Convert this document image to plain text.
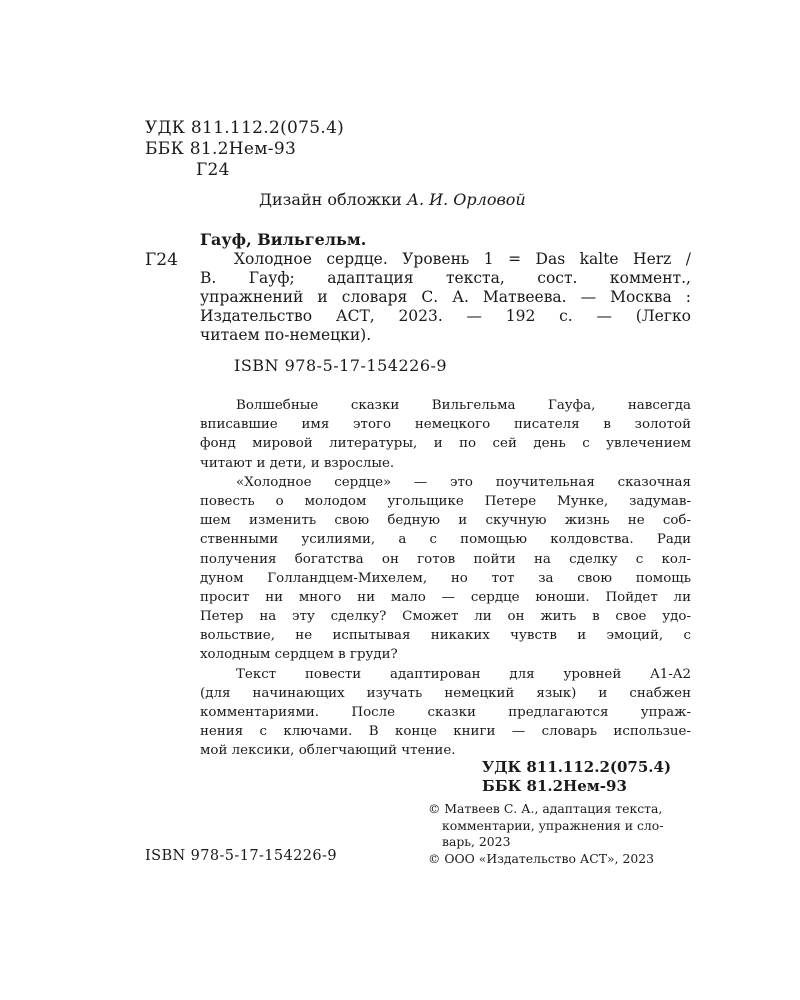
УДК 811.112.2(075.4)
ББК 81.2Нем-93
Г24
Дизайн обложки А. И. Орловой
Гауф, Вильгельм.
Г24	Холодное сердце. Уровень 1 = Das kalte Herz /
В. Гауф; адаптация текста, сост. коммент.,
упражнений и словаря С. А. Матвеева. — Москва :
Издательство АСТ, 2023. — 192 с. — (Легко
читаем по-немецки).
ISBN 978-5-17-154226-9
Волшебные сказки Вильгельма Гауфа, навсегда
вписавшие имя этого немецкого писателя в золотой
фонд мировой литературы, и по сей день с увлечением
читают и дети, и взрослые.
«Холодное сердце» — это поучительная сказочная
повесть о молодом угольщике Петере Мунке, задумав-
шем изменить свою бедную и скучную жизнь не соб-
ственными усилиями, а с помощью колдовства. Ради
получения богатства он готов пойти на сделку с кол-
дуном Голландцем-Михелем, но тот за свою помощь
просит ни много ни мало — сердце юноши. Пойдет ли
Петер на эту сделку? Сможет ли он жить в свое удо-
вольствие, не испытывая никаких чувств и эмоций, с
холодным сердцем в груди?
Текст повести адаптирован для уровней A1-A2
(для начинающих изучать немецкий язык) и снабжен
комментариями. После сказки предлагаются упраж-
нения с ключами. В конце книги — словарь использue-
мой лексики, облегчающий чтение.
УДК 811.112.2(075.4)
ББК 81.2Нем-93
© Матвеев С. А., адаптация текста,
комментарии, упражнения и сло-
варь, 2023
© ООО «Издательство АСТ», 2023
ISBN 978-5-17-154226-9
